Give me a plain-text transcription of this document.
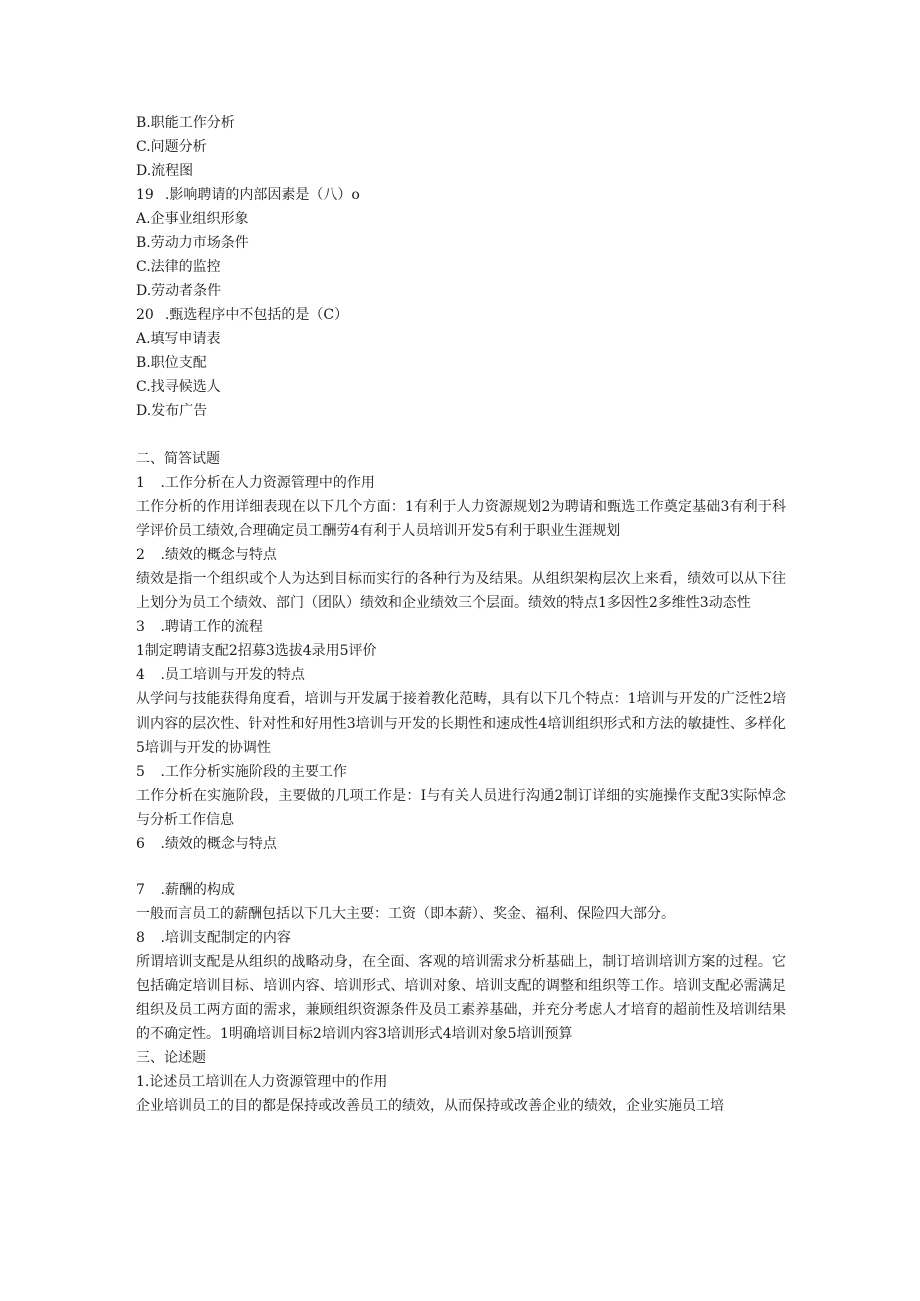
B.职能工作分析
C.问题分析
D.流程图
19 .影响聘请的内部因素是（八）o
A.企事业组织形象
B.劳动力市场条件
C.法律的监控
D.劳动者条件
20 .甄选程序中不包括的是（C）
A.填写申请表
B.职位支配
C.找寻候选人
D.发布广告
二、简答试题
1 .工作分析在人力资源管理中的作用

工作分析的作用详细表现在以下几个方面：1有利于人力资源规划2为聘请和甄选工作奠定基础3有利于科学评价员工绩效,合理确定员工酬劳4有利于人员培训开发5有利于职业生涯规划

2 .绩效的概念与特点

绩效是指一个组织或个人为达到目标而实行的各种行为及结果。从组织架构层次上来看，绩效可以从下往上划分为员工个绩效、部门（团队）绩效和企业绩效三个层面。绩效的特点1多因性2多维性3动态性

3 .聘请工作的流程

1制定聘请支配2招募3选拔4录用5评价

4 .员工培训与开发的特点

从学问与技能获得角度看，培训与开发属于接着教化范畴，具有以下几个特点：1培训与开发的广泛性2培训内容的层次性、针对性和好用性3培训与开发的长期性和速成性4培训组织形式和方法的敏捷性、多样化5培训与开发的协调性

5 .工作分析实施阶段的主要工作

工作分析在实施阶段，主要做的几项工作是：I与有关人员进行沟通2制订详细的实施操作支配3实际悼念与分析工作信息

6 .绩效的概念与特点
7 .薪酬的构成

一般而言员工的薪酬包括以下几大主要：工资（即本薪）、奖金、福利、保险四大部分。

8 .培训支配制定的内容

所谓培训支配是从组织的战略动身，在全面、客观的培训需求分析基础上，制订培训培训方案的过程。它包括确定培训目标、培训内容、培训形式、培训对象、培训支配的调整和组织等工作。培训支配必需满足组织及员工两方面的需求，兼顾组织资源条件及员工素养基础，并充分考虑人才培育的超前性及培训结果的不确定性。1明确培训目标2培训内容3培训形式4培训对象5培训预算

三、论述题
1.论述员工培训在人力资源管理中的作用
企业培训员工的目的都是保持或改善员工的绩效，从而保持或改善企业的绩效，企业实施员工培
